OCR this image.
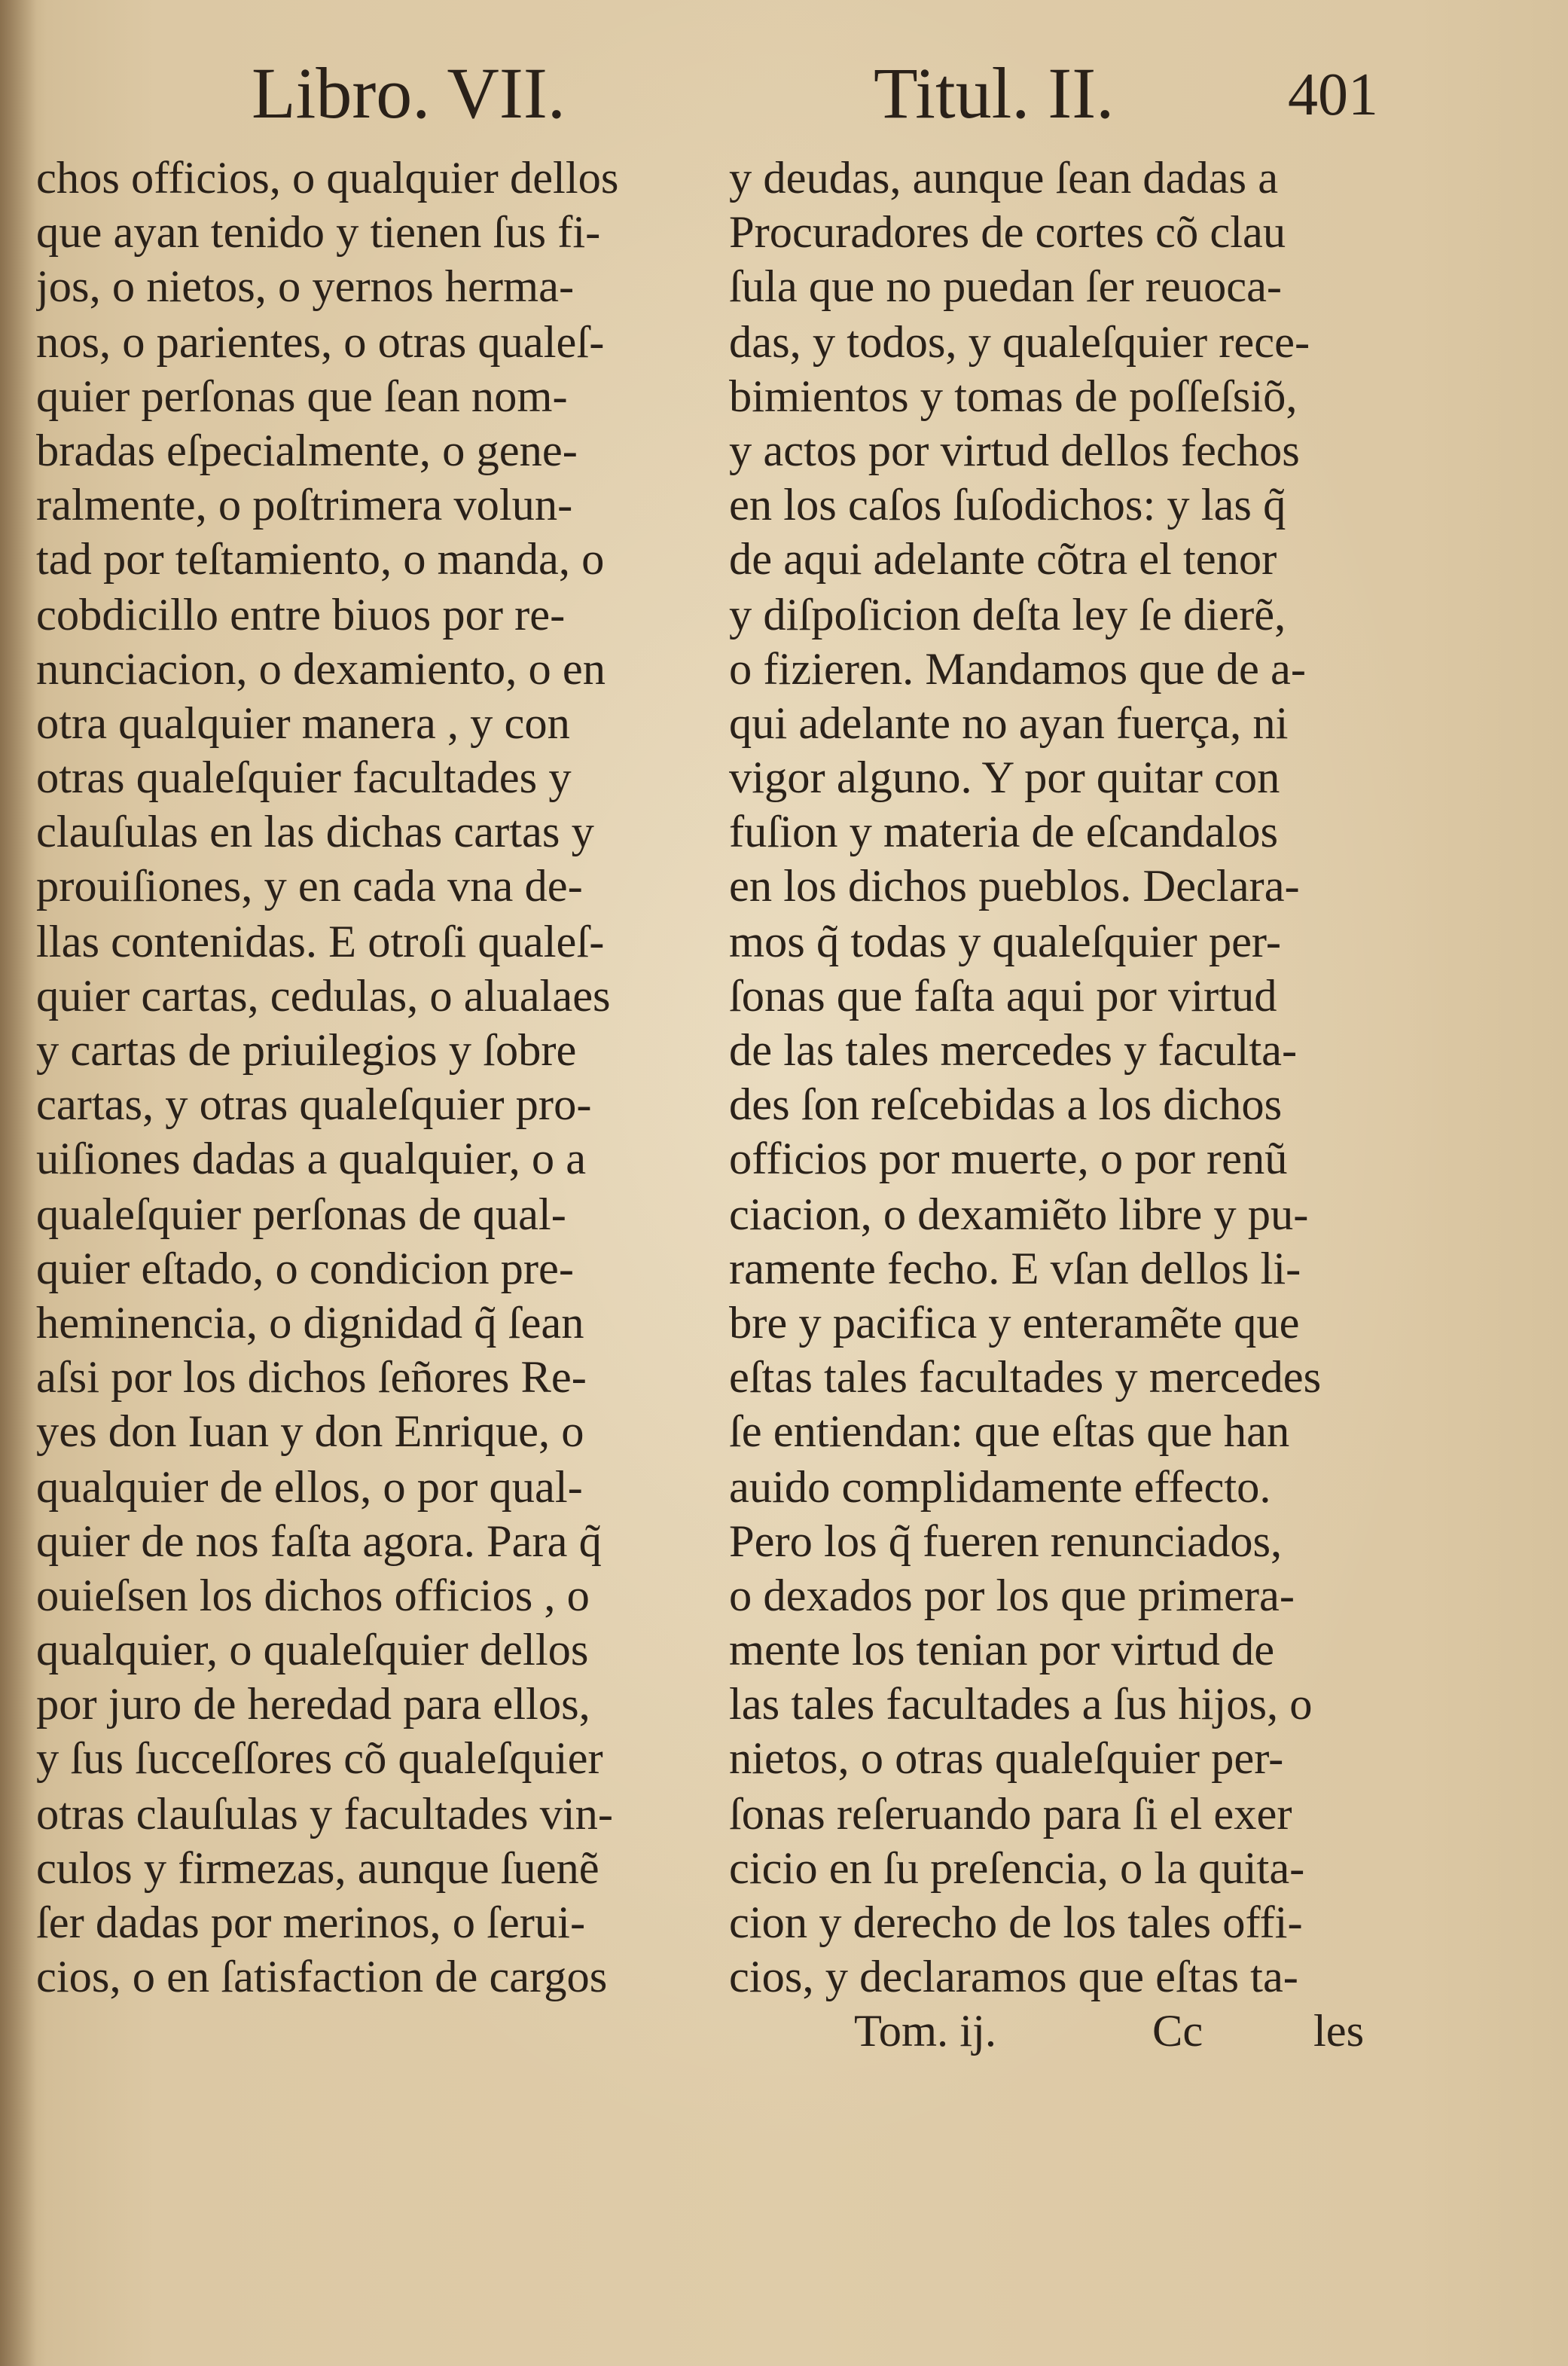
Libro. VII.	Titul. II.	401
chos officios, o qualquier dellos
que ayan tenido y tienen ſus fi-
jos, o nietos, o yernos herma-
nos, o parientes, o otras qualeſ-
quier perſonas que ſean nom-
bradas eſpecialmente, o gene-
ralmente, o poſtrimera volun-
tad por teſtamiento, o manda, o
cobdicillo entre biuos por re-
nunciacion, o dexamiento, o en
otra qualquier manera , y con
otras qualeſquier facultades y
clauſulas en las dichas cartas y
prouiſiones, y en cada vna de-
llas contenidas. E otroſi qualeſ-
quier cartas, cedulas, o alualaes
y cartas de priuilegios y ſobre
cartas, y otras qualeſquier pro-
uiſiones dadas a qualquier, o a
qualeſquier perſonas de qual-
quier eſtado, o condicion pre-
heminencia, o dignidad q̃ ſean
aſsi por los dichos ſeñores Re-
yes don Iuan y don Enrique, o
qualquier de ellos, o por qual-
quier de nos faſta agora. Para q̃
ouieſsen los dichos officios , o
qualquier, o qualeſquier dellos
por juro de heredad para ellos,
y ſus ſucceſſores cõ qualeſquier
otras clauſulas y facultades vin-
culos y firmezas, aunque ſuenẽ
ſer dadas por merinos, o ſerui-
cios, o en ſatisfaction de cargos
y deudas, aunque ſean dadas a
Procuradores de cortes cõ clau
ſula que no puedan ſer reuoca-
das, y todos, y qualeſquier rece-
bimientos y tomas de poſſeſsiõ,
y actos por virtud dellos fechos
en los caſos ſuſodichos: y las q̃
de aqui adelante cõtra el tenor
y diſpoſicion deſta ley ſe dierẽ,
o fizieren. Mandamos que de a-
qui adelante no ayan fuerça, ni
vigor alguno. Y por quitar con
fuſion y materia de eſcandalos
en los dichos pueblos. Declara-
mos q̃ todas y qualeſquier per-
ſonas que faſta aqui por virtud
de las tales mercedes y faculta-
des ſon reſcebidas a los dichos
officios por muerte, o por renũ
ciacion, o dexamiẽto libre y pu-
ramente fecho. E vſan dellos li-
bre y pacifica y enteramẽte que
eſtas tales facultades y mercedes
ſe entiendan: que eſtas que han
auido complidamente effecto.
Pero los q̃ fueren renunciados,
o dexados por los que primera-
mente los tenian por virtud de
las tales facultades a ſus hijos, o
nietos, o otras qualeſquier per-
ſonas reſeruando para ſi el exer
cicio en ſu preſencia, o la quita-
cion y derecho de los tales offi-
cios, y declaramos que eſtas ta-
Tom. ij.	Cc	les
